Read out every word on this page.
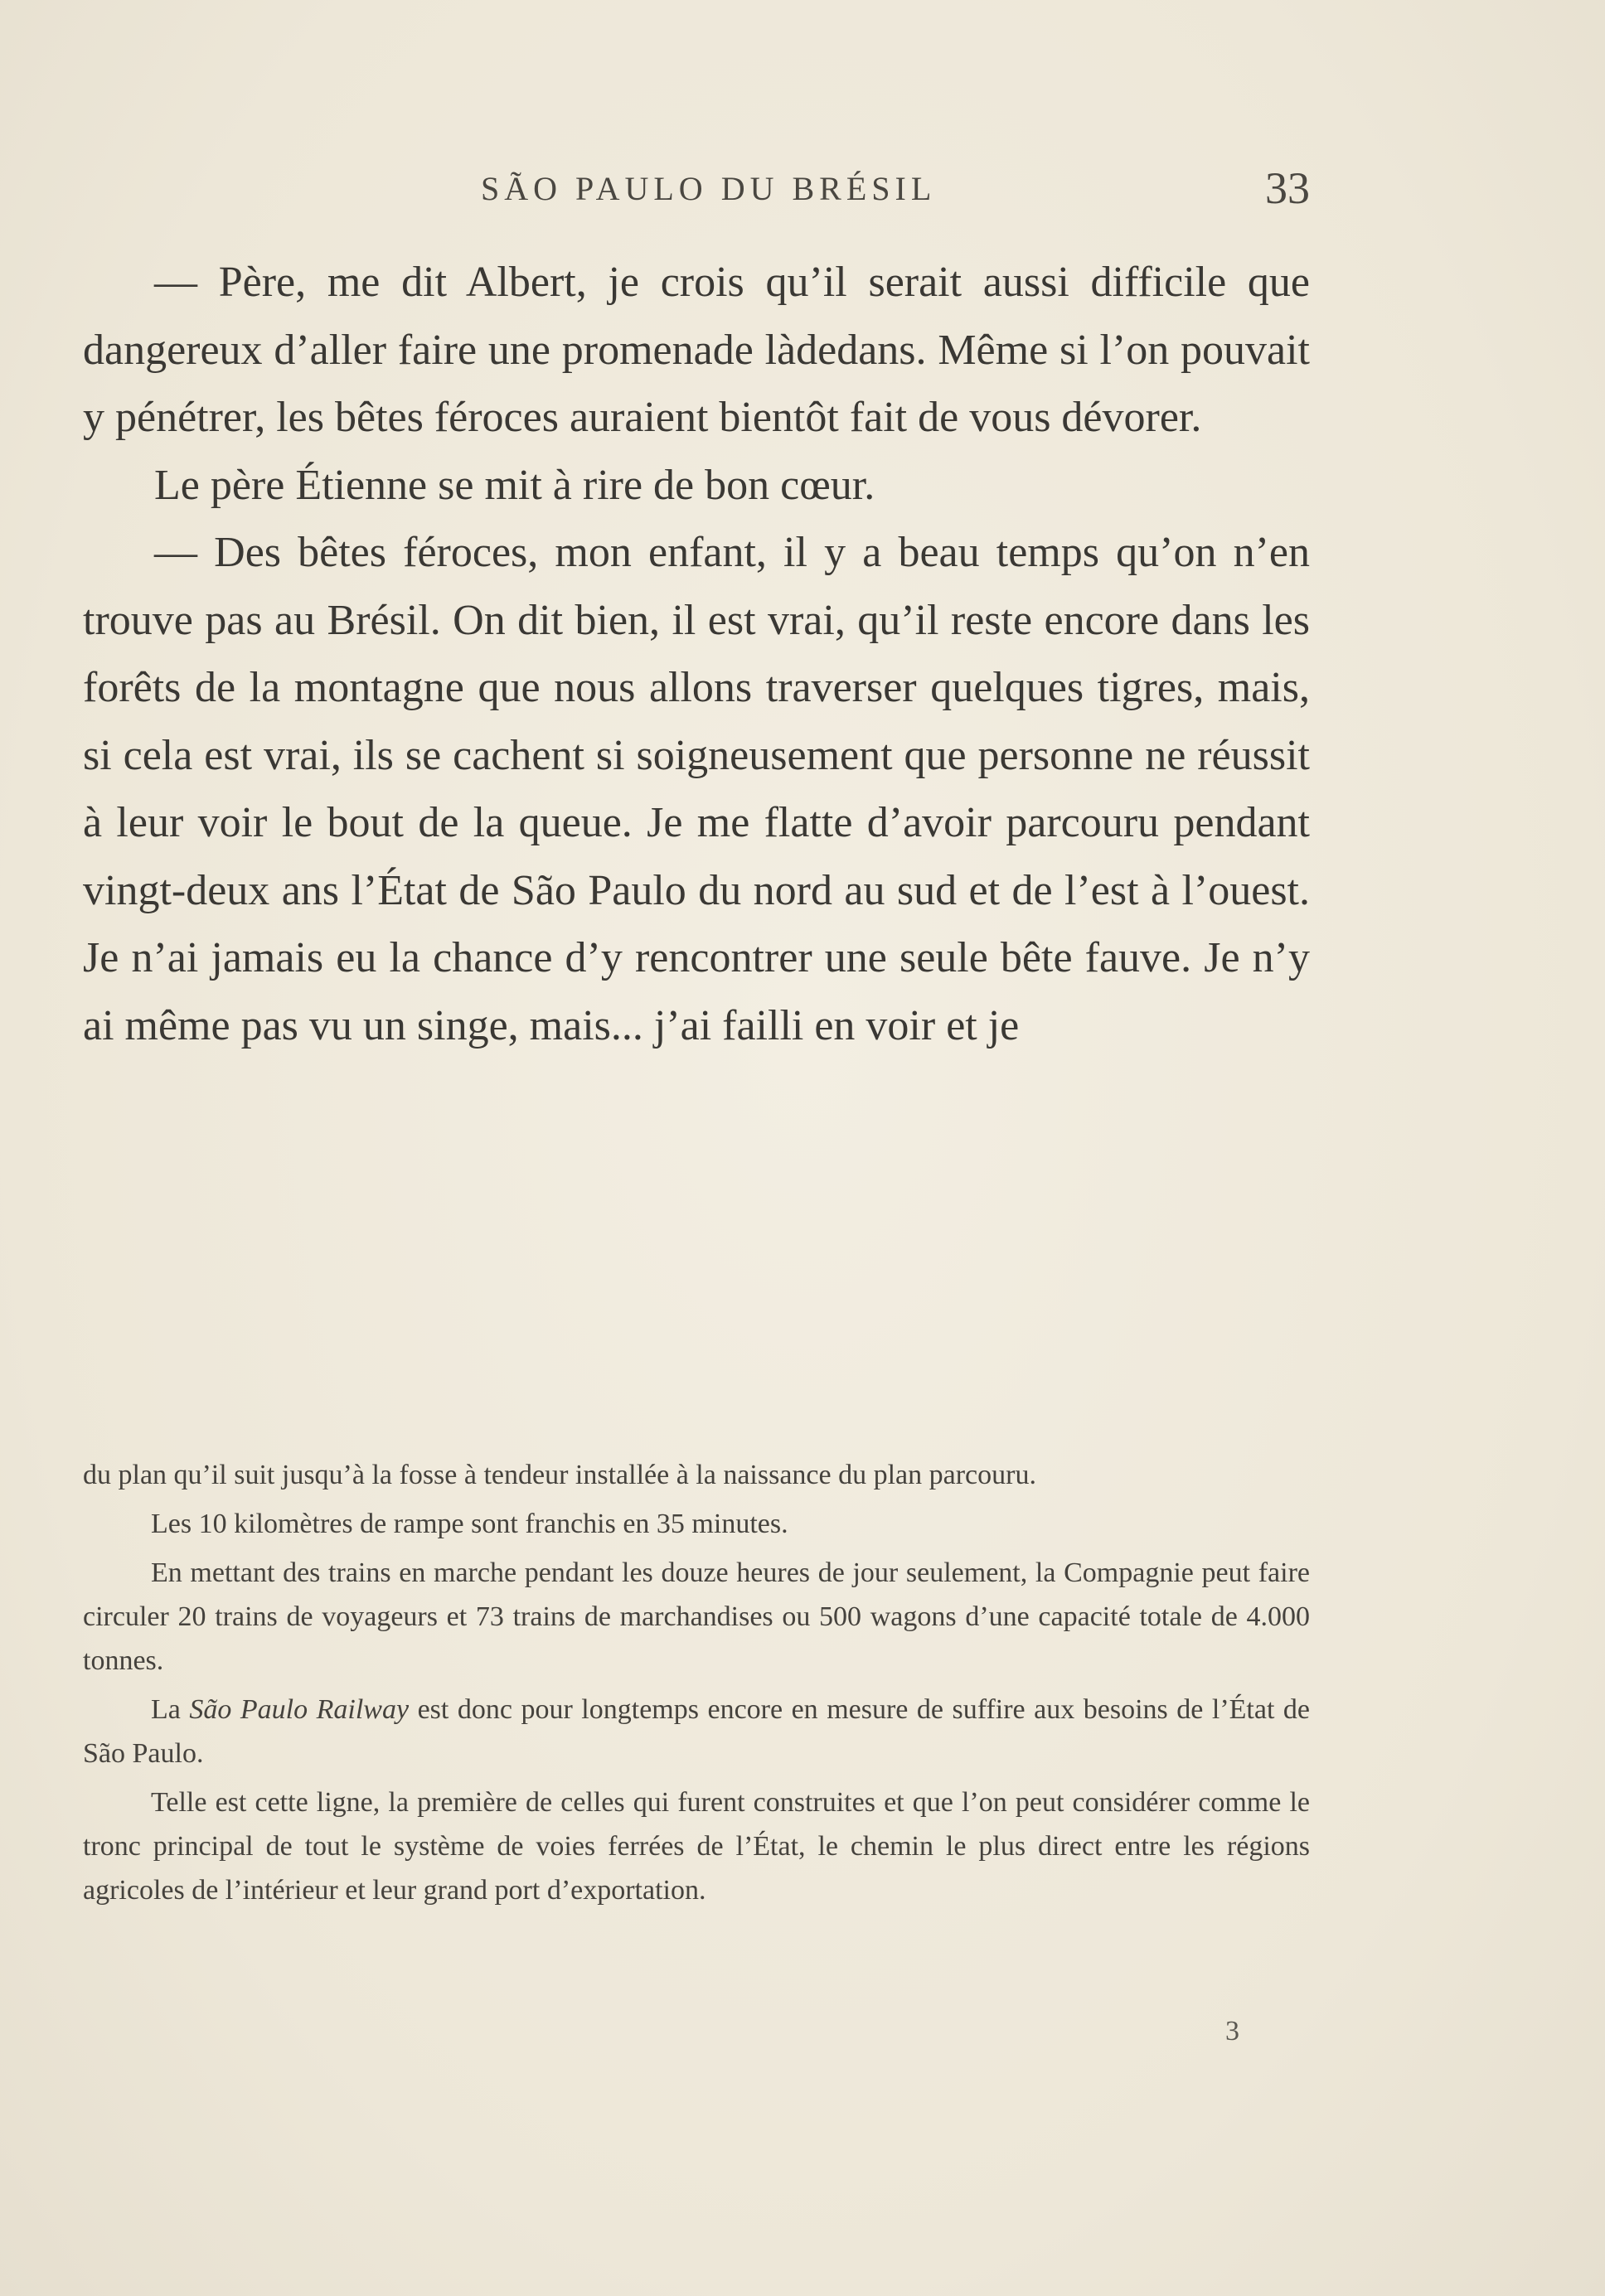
SÃO PAULO DU BRÉSIL	33

— Père, me dit Albert, je crois qu’il serait aussi difficile que dangereux d’aller faire une promenade làdedans. Même si l’on pouvait y pénétrer, les bêtes féroces auraient bientôt fait de vous dévorer.

Le père Étienne se mit à rire de bon cœur.

— Des bêtes féroces, mon enfant, il y a beau temps qu’on n’en trouve pas au Brésil. On dit bien, il est vrai, qu’il reste encore dans les forêts de la montagne que nous allons traverser quelques tigres, mais, si cela est vrai, ils se cachent si soigneusement que personne ne réussit à leur voir le bout de la queue. Je me flatte d’avoir parcouru pendant vingt-deux ans l’État de São Paulo du nord au sud et de l’est à l’ouest. Je n’ai jamais eu la chance d’y rencontrer une seule bête fauve. Je n’y ai même pas vu un singe, mais... j’ai failli en voir et je

du plan qu’il suit jusqu’à la fosse à tendeur installée à la naissance du plan parcouru.

Les 10 kilomètres de rampe sont franchis en 35 minutes.

En mettant des trains en marche pendant les douze heures de jour seulement, la Compagnie peut faire circuler 20 trains de voyageurs et 73 trains de marchandises ou 500 wagons d’une capacité totale de 4.000 tonnes.

La São Paulo Railway est donc pour longtemps encore en mesure de suffire aux besoins de l’État de São Paulo.

Telle est cette ligne, la première de celles qui furent construites et que l’on peut considérer comme le tronc principal de tout le système de voies ferrées de l’État, le chemin le plus direct entre les régions agricoles de l’intérieur et leur grand port d’exportation.

3
